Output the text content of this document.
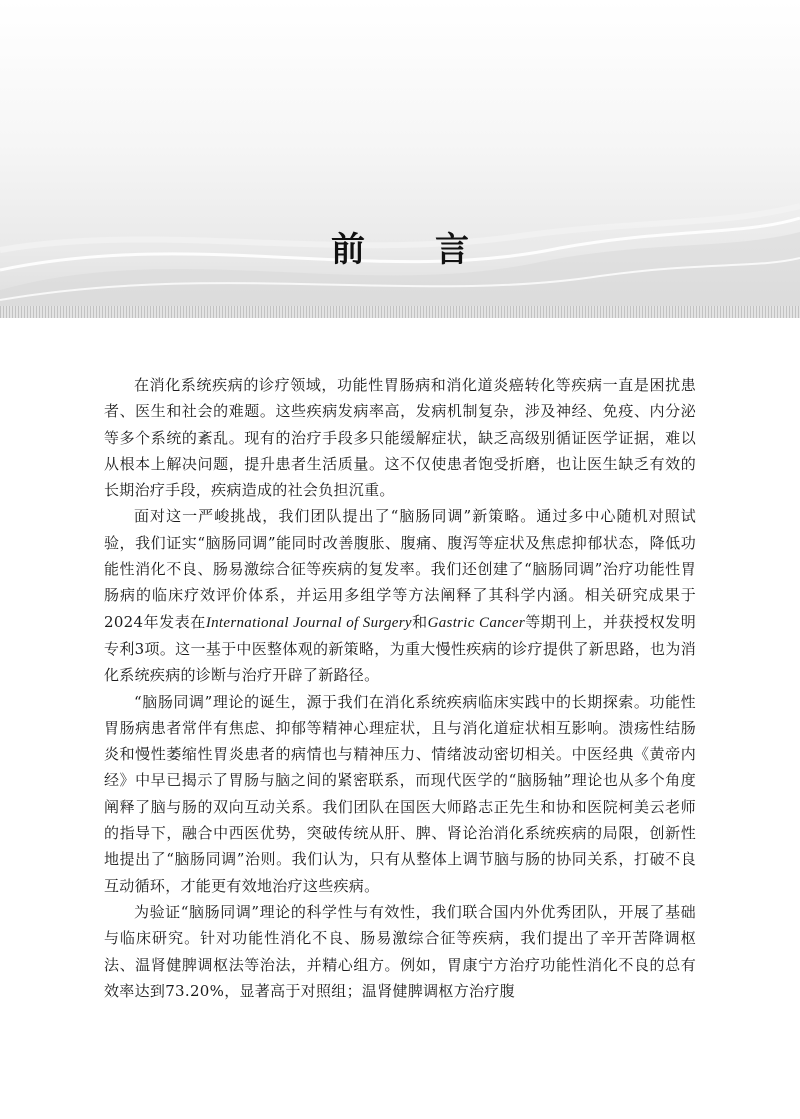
前言

在消化系统疾病的诊疗领域，功能性胃肠病和消化道炎癌转化等疾病一直是困扰患者、医生和社会的难题。这些疾病发病率高，发病机制复杂，涉及神经、免疫、内分泌等多个系统的紊乱。现有的治疗手段多只能缓解症状，缺乏高级别循证医学证据，难以从根本上解决问题，提升患者生活质量。这不仅使患者饱受折磨，也让医生缺乏有效的长期治疗手段，疾病造成的社会负担沉重。

面对这一严峻挑战，我们团队提出了“脑肠同调”新策略。通过多中心随机对照试验，我们证实“脑肠同调”能同时改善腹胀、腹痛、腹泻等症状及焦虑抑郁状态，降低功能性消化不良、肠易激综合征等疾病的复发率。我们还创建了“脑肠同调”治疗功能性胃肠病的临床疗效评价体系，并运用多组学等方法阐释了其科学内涵。相关研究成果于2024年发表在International Journal of Surgery和Gastric Cancer等期刊上，并获授权发明专利3项。这一基于中医整体观的新策略，为重大慢性疾病的诊疗提供了新思路，也为消化系统疾病的诊断与治疗开辟了新路径。

“脑肠同调”理论的诞生，源于我们在消化系统疾病临床实践中的长期探索。功能性胃肠病患者常伴有焦虑、抑郁等精神心理症状，且与消化道症状相互影响。溃疡性结肠炎和慢性萎缩性胃炎患者的病情也与精神压力、情绪波动密切相关。中医经典《黄帝内经》中早已揭示了胃肠与脑之间的紧密联系，而现代医学的“脑肠轴”理论也从多个角度阐释了脑与肠的双向互动关系。我们团队在国医大师路志正先生和协和医院柯美云老师的指导下，融合中西医优势，突破传统从肝、脾、肾论治消化系统疾病的局限，创新性地提出了“脑肠同调”治则。我们认为，只有从整体上调节脑与肠的协同关系，打破不良互动循环，才能更有效地治疗这些疾病。

为验证“脑肠同调”理论的科学性与有效性，我们联合国内外优秀团队，开展了基础与临床研究。针对功能性消化不良、肠易激综合征等疾病，我们提出了辛开苦降调枢法、温肾健脾调枢法等治法，并精心组方。例如，胃康宁方治疗功能性消化不良的总有效率达到73.20%，显著高于对照组；温肾健脾调枢方治疗腹
